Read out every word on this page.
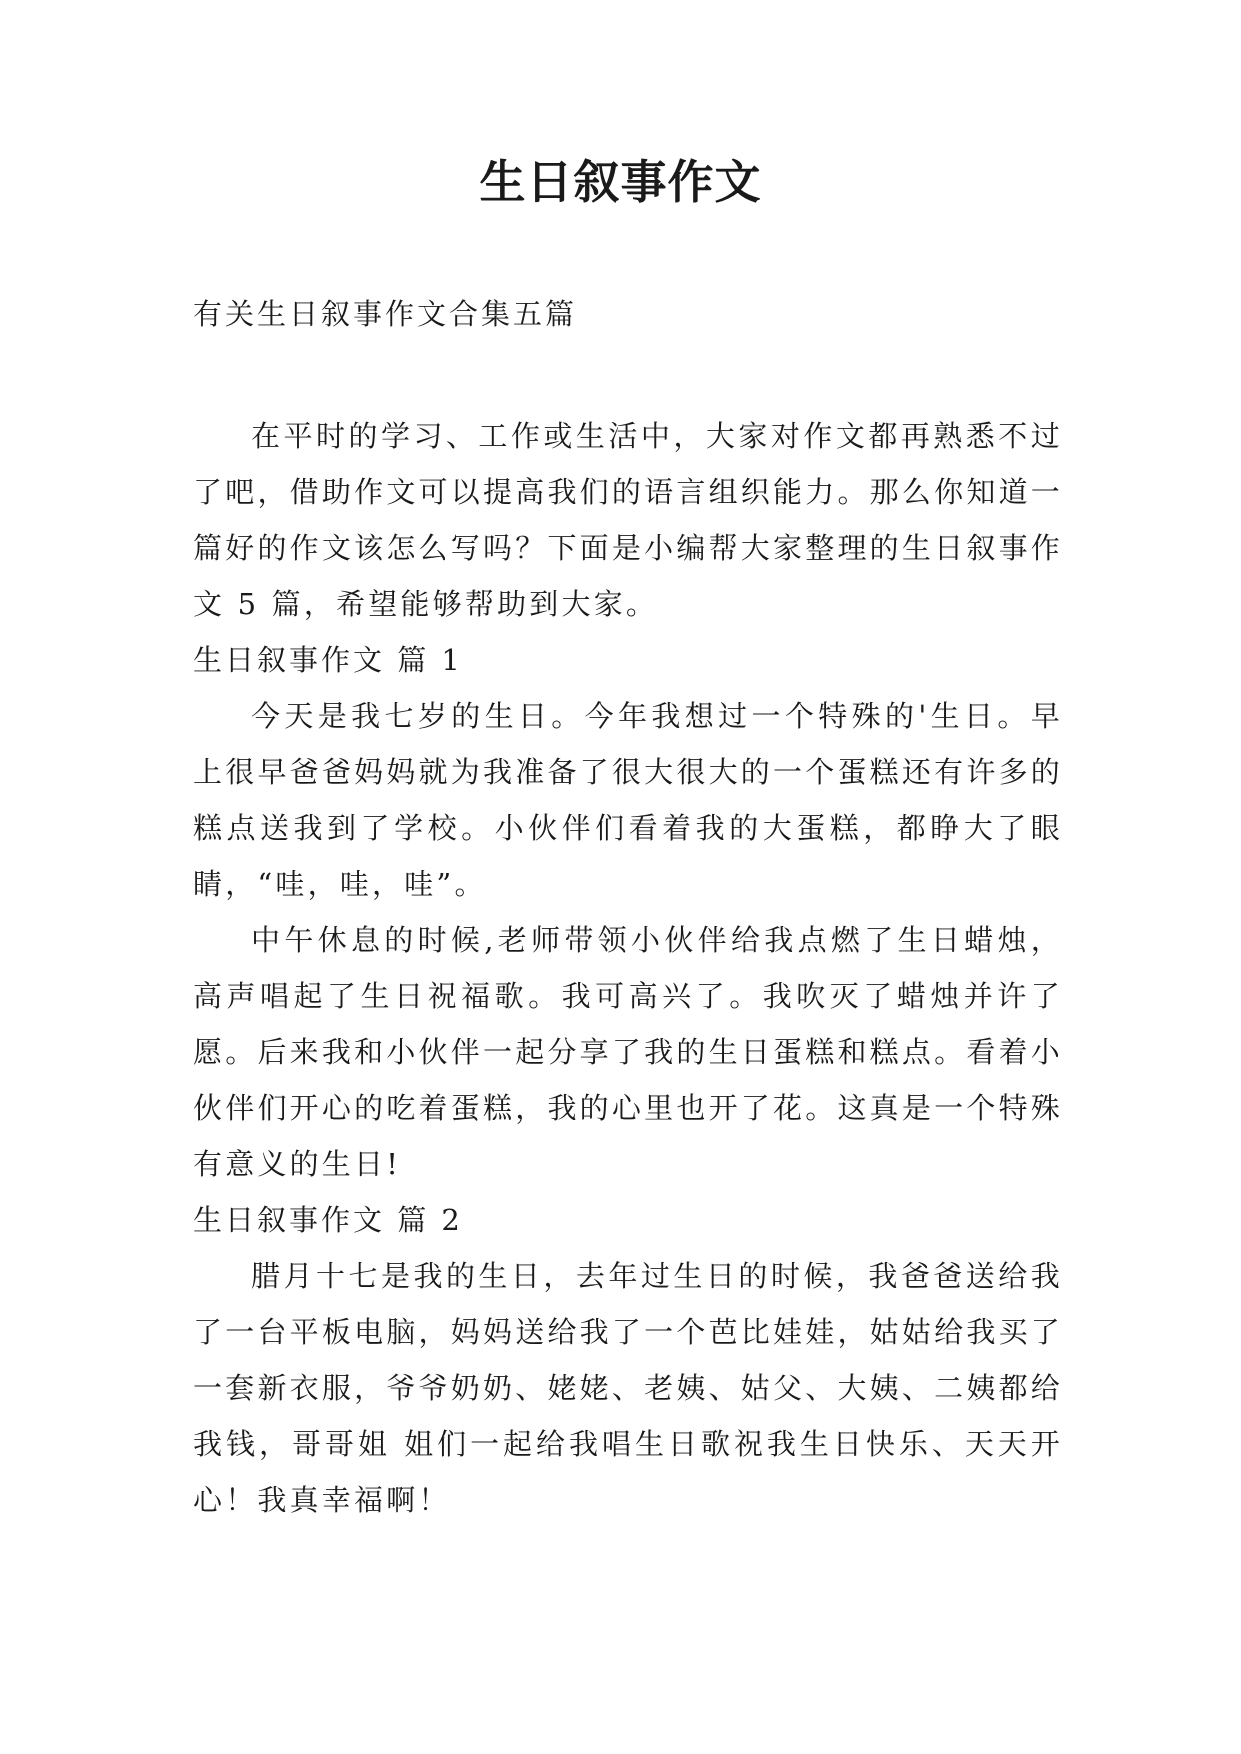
生日叙事作文

有关生日叙事作文合集五篇

在平时的学习、工作或生活中，大家对作文都再熟悉不过了吧，借助作文可以提高我们的语言组织能力。那么你知道一篇好的作文该怎么写吗？下面是小编帮大家整理的生日叙事作文 5 篇，希望能够帮助到大家。

生日叙事作文 篇 1

今天是我七岁的生日。今年我想过一个特殊的'生日。早上很早爸爸妈妈就为我准备了很大很大的一个蛋糕还有许多的糕点送我到了学校。小伙伴们看着我的大蛋糕，都睁大了眼睛，“哇，哇，哇”。

中午休息的时候,老师带领小伙伴给我点燃了生日蜡烛，高声唱起了生日祝福歌。我可高兴了。我吹灭了蜡烛并许了愿。后来我和小伙伴一起分享了我的生日蛋糕和糕点。看着小伙伴们开心的吃着蛋糕，我的心里也开了花。这真是一个特殊有意义的生日!

生日叙事作文 篇 2

腊月十七是我的生日，去年过生日的时候，我爸爸送给我了一台平板电脑，妈妈送给我了一个芭比娃娃，姑姑给我买了一套新衣服，爷爷奶奶、姥姥、老姨、姑父、大姨、二姨都给我钱，哥哥姐 姐们一起给我唱生日歌祝我生日快乐、天天开心！我真幸福啊！
